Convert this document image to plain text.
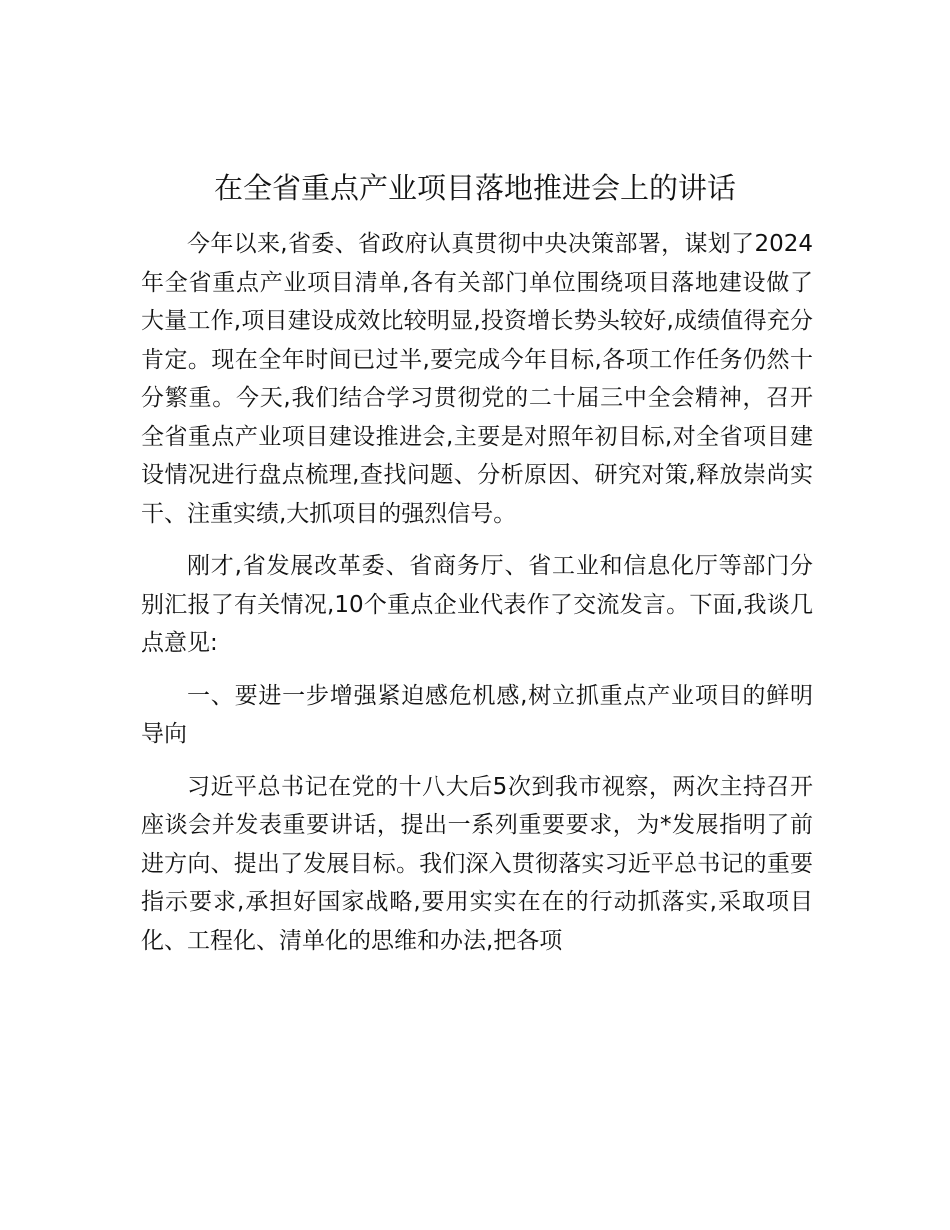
在全省重点产业项目落地推进会上的讲话

今年以来,省委、省政府认真贯彻中央决策部署，谋划了2024年全省重点产业项目清单,各有关部门单位围绕项目落地建设做了大量工作,项目建设成效比较明显,投资增长势头较好,成绩值得充分肯定。现在全年时间已过半,要完成今年目标,各项工作任务仍然十分繁重。今天,我们结合学习贯彻党的二十届三中全会精神，召开全省重点产业项目建设推进会,主要是对照年初目标,对全省项目建设情况进行盘点梳理,查找问题、分析原因、研究对策,释放崇尚实干、注重实绩,大抓项目的强烈信号。

刚才,省发展改革委、省商务厅、省工业和信息化厅等部门分别汇报了有关情况,10个重点企业代表作了交流发言。下面,我谈几点意见:

一、要进一步增强紧迫感危机感,树立抓重点产业项目的鲜明导向

习近平总书记在党的十八大后5次到我市视察，两次主持召开座谈会并发表重要讲话，提出一系列重要要求，为*发展指明了前进方向、提出了发展目标。我们深入贯彻落实习近平总书记的重要指示要求,承担好国家战略,要用实实在在的行动抓落实,采取项目化、工程化、清单化的思维和办法,把各项
